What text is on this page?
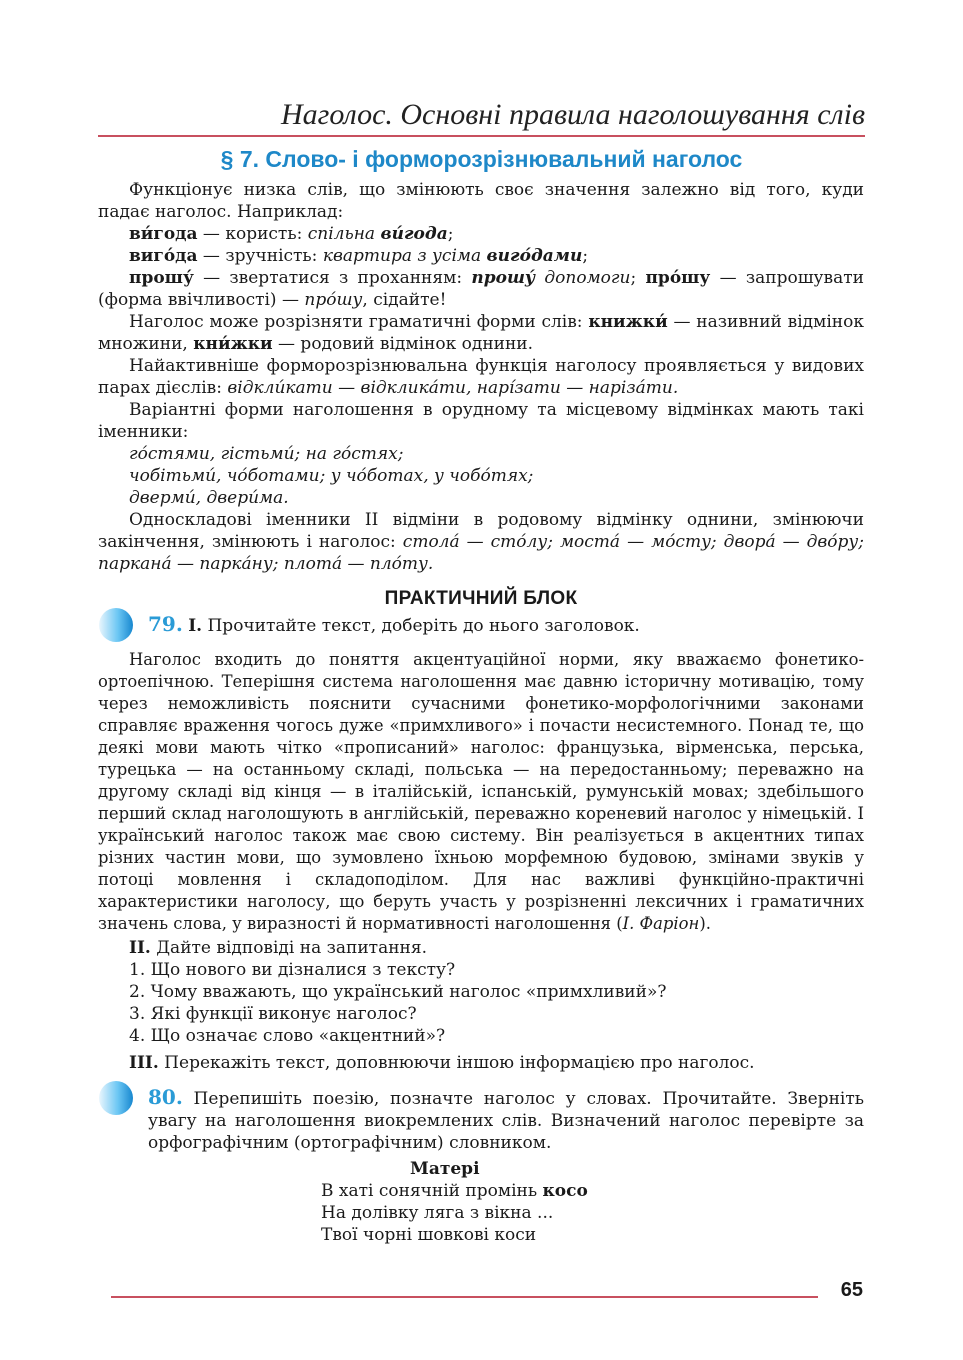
Наголос. Основні правила наголошування слів
§ 7. Слово- і форморозрізнювальний наголос

Функціонує низка слів, що змінюють своє значення залежно від того, куди падає наголос. Наприклад:

ви́года — користь: спільна ви́года;

виго́да — зручність: квартира з усіма виго́дами;

прошу́ — звертатися з проханням: прошу́ допомоги; про́шу — запрошувати (форма ввічливості) — про́шу, сідайте!

Наголос може розрізняти граматичні форми слів: книжки́ — називний відмінок множини, кни́жки — родовий відмінок однини.

Найактивніше формоpозрізнювальна функція наголосу проявляється у видових парах дієслів: відкли́кати — відклика́ти, нарі́зати — нарізáти.

Варіантні форми наголошення в орудному та місцевому відмінках мають такі іменники:

го́стями, гістьми́; на го́стях;

чобітьми́, чо́ботами; у чо́ботах, у чобо́тях;

дверми́, двери́ма.

Односкладові іменники II відміни в родовому відмінку однини, змінюючи закінчення, змінюють і наголос: стола́ — сто́лу; моста́ — мо́сту; двора́ — дво́ру; паркана́ — парка́ну; плота́ — пло́ту.

ПРАКТИЧНИЙ БЛОК

79. I. Прочитайте текст, доберіть до нього заголовок.

Наголос входить до поняття акцентуаційної норми, яку вважаємо фонетико-ортоепічною. Теперішня система наголошення має давню історичну мотивацію, тому через неможливість пояснити сучасними фонетико-морфологічними законами справляє враження чогось дуже «примхливого» і почасти несистемного. Понад те, що деякі мови мають чітко «прописаний» наголос: французька, вірменська, перська, турецька — на останньому складі, польська — на передостанньому; переважно на другому складі від кінця — в італійській, іспанській, румунській мовах; здебільшого перший склад наголошують в англійській, переважно кореневий наголос у німецькій. І український наголос також має свою систему. Він реалізується в акцентних типах різних частин мови, що зумовлено їхньою морфемною будовою, змінами звуків у потоці мовлення і складоподілом. Для нас важливі функційно-практичні характеристики наголосу, що беруть участь у розрізненні лексичних і граматичних значень слова, у виразності й нормативності наголошення (І. Фаріон).

II. Дайте відповіді на запитання.

1. Що нового ви дізналися з тексту?

2. Чому вважають, що український наголос «примхливий»?

3. Які функції виконує наголос?

4. Що означає слово «акцентний»?

III. Перекажіть текст, доповнюючи іншою інформацією про наголос.

80. Перепишіть поезію, позначте наголос у словах. Прочитайте. Зверніть увагу на наголошення виокремлених слів. Визначений наголос перевірте за орфографічним (ортографічним) словником.

Матері

В хаті сонячній промінь косо

На долівку ляга з вікна ...

Твої чорні шовкові коси

65
